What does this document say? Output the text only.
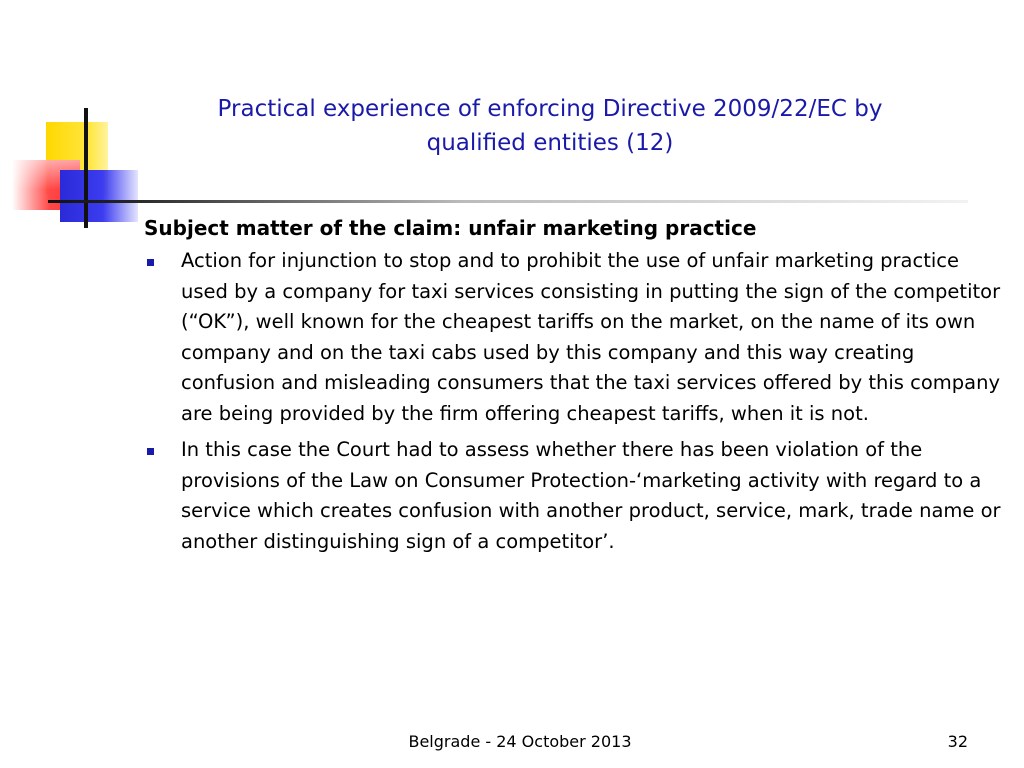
Practical experience of enforcing Directive 2009/22/EC by
qualified entities (12)

Subject matter of the claim: unfair marketing practice

Action for injunction to stop and to prohibit the use of unfair marketing practice used by a company for taxi services consisting in putting the sign of the competitor (“OK”), well known for the cheapest tariffs on the market, on the name of its own company and on the taxi cabs used by this company and this way creating confusion and misleading consumers that the taxi services offered by this company are being provided by the firm offering cheapest tariffs, when it is not.
In this case the Court had to assess whether there has been violation of the provisions of the Law on Consumer Protection-‘marketing activity with regard to a service which creates confusion with another product, service, mark, trade name or another distinguishing sign of a competitor’.
Belgrade - 24 October 2013	32
